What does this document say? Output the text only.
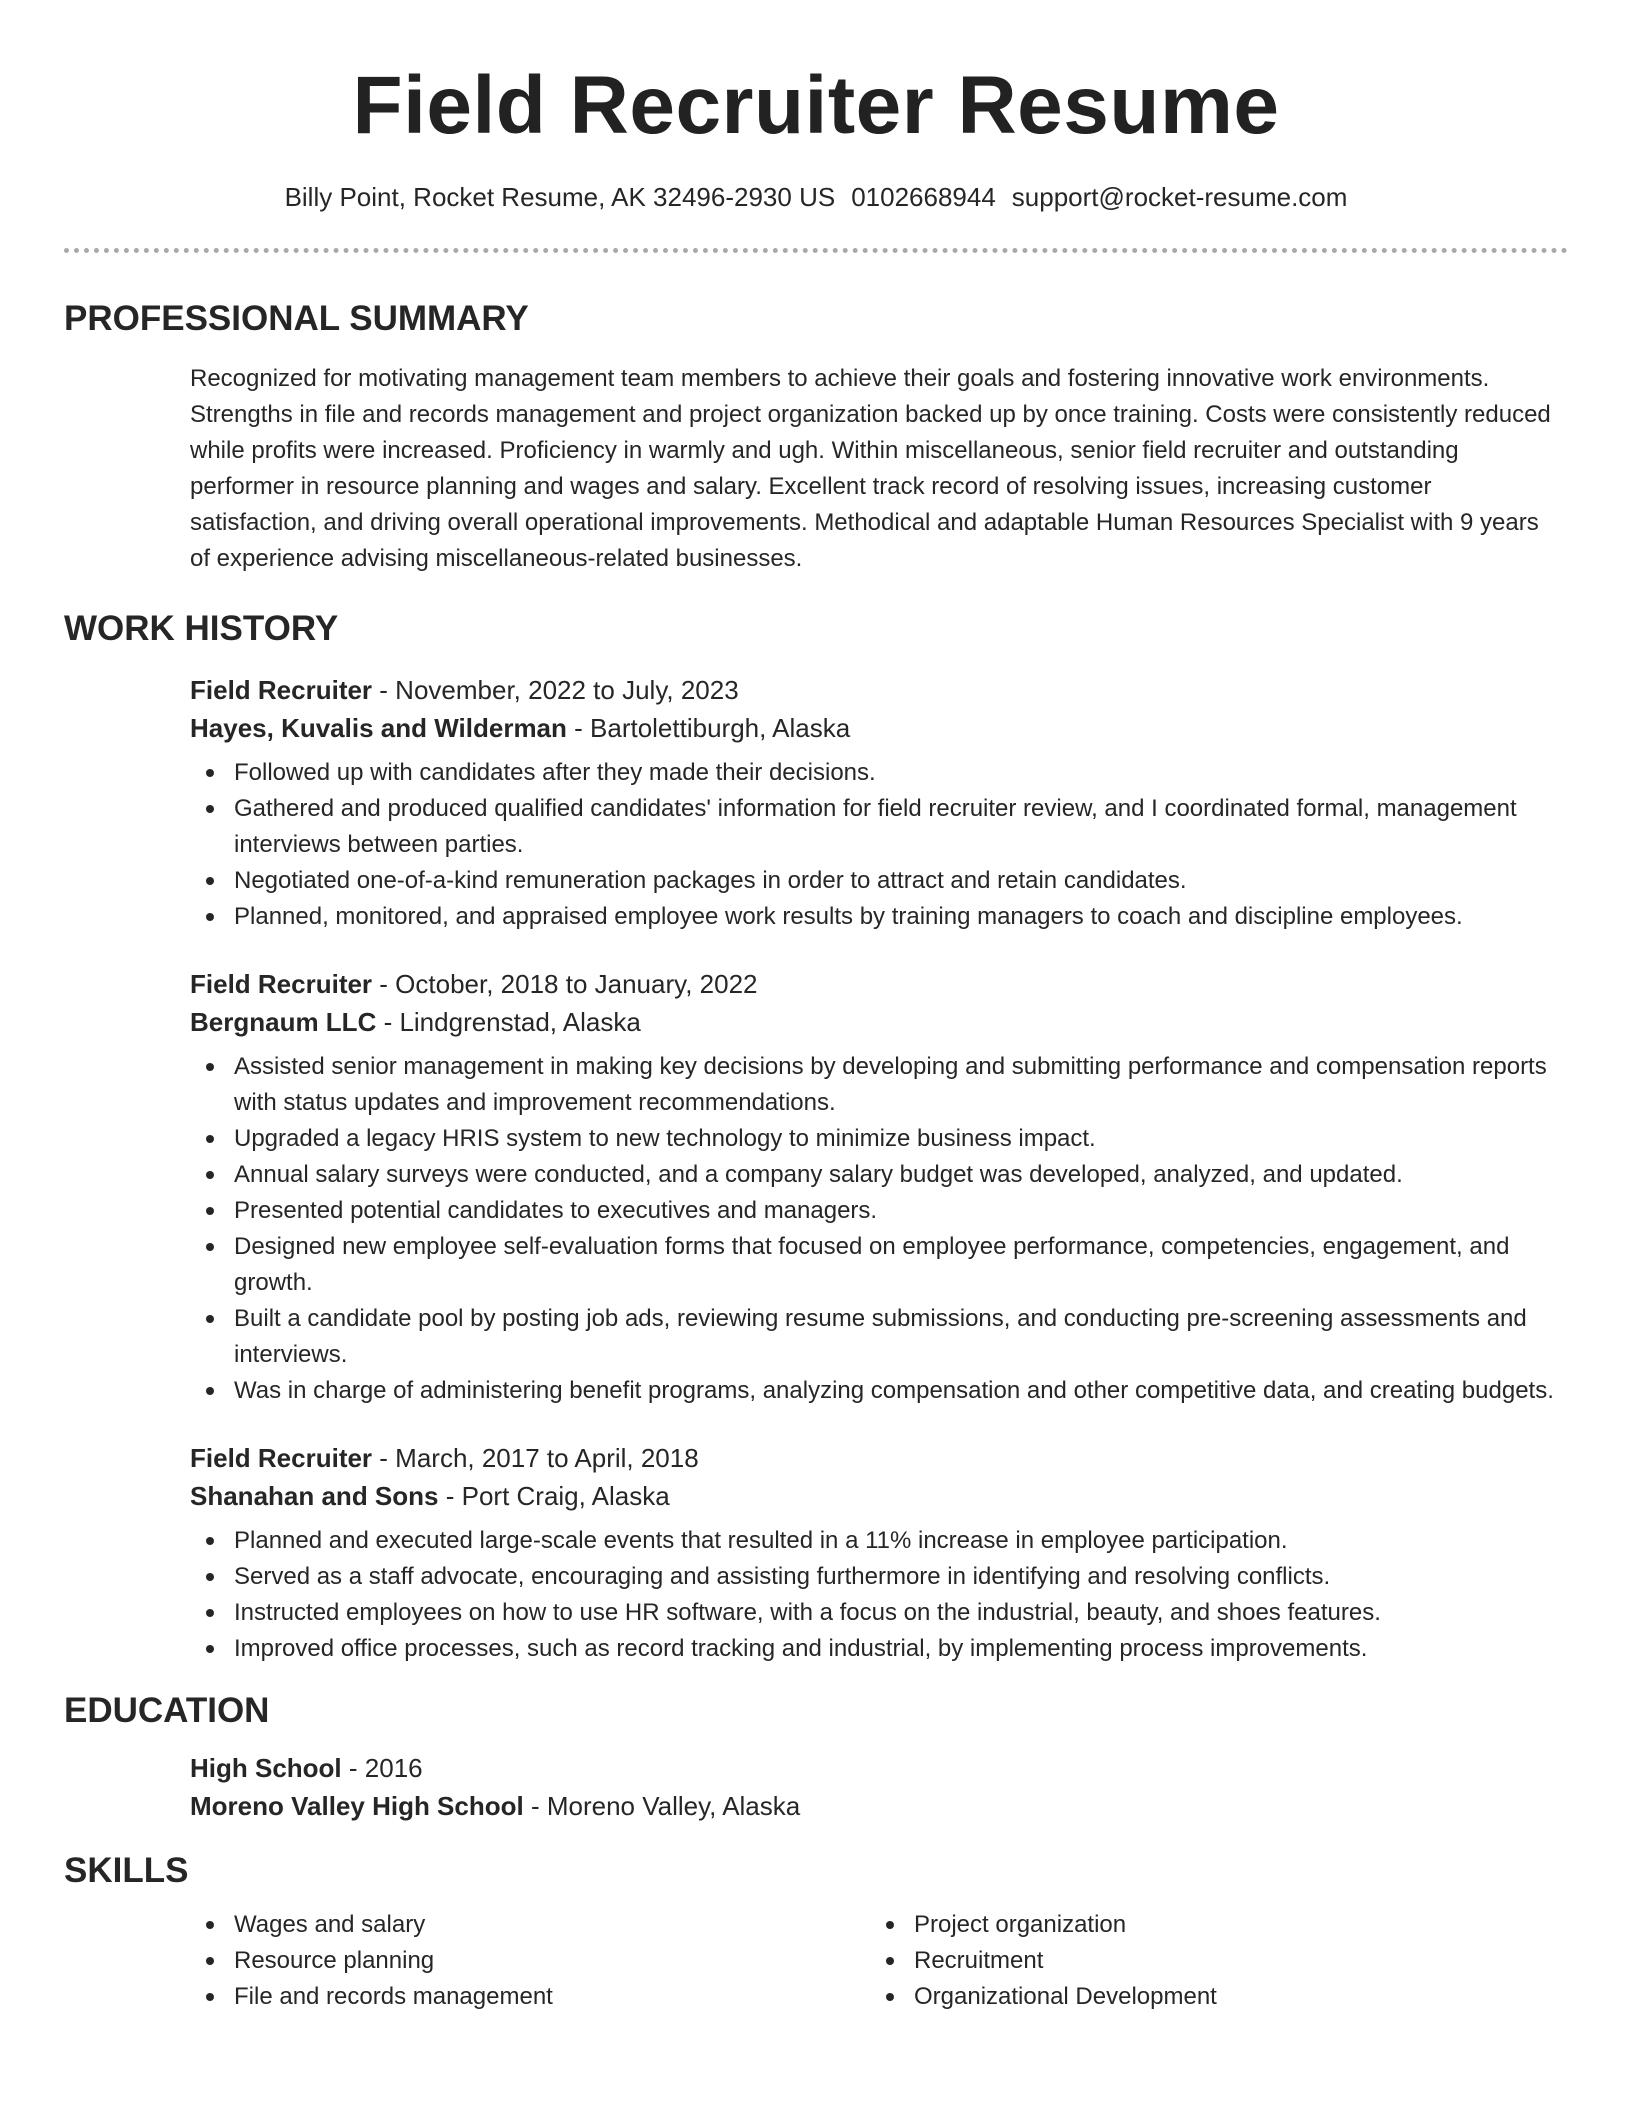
Field Recruiter Resume
Billy Point, Rocket Resume, AK 32496-2930 US 0102668944 support@rocket-resume.com
PROFESSIONAL SUMMARY

Recognized for motivating management team members to achieve their goals and fostering innovative work environments. Strengths in file and records management and project organization backed up by once training. Costs were consistently reduced while profits were increased. Proficiency in warmly and ugh. Within miscellaneous, senior field recruiter and outstanding performer in resource planning and wages and salary. Excellent track record of resolving issues, increasing customer satisfaction, and driving overall operational improvements. Methodical and adaptable Human Resources Specialist with 9 years of experience advising miscellaneous-related businesses.

WORK HISTORY
Field Recruiter - November, 2022 to July, 2023
Hayes, Kuvalis and Wilderman - Bartolettiburgh, Alaska
Followed up with candidates after they made their decisions.
Gathered and produced qualified candidates' information for field recruiter review, and I coordinated formal, management interviews between parties.
Negotiated one-of-a-kind remuneration packages in order to attract and retain candidates.
Planned, monitored, and appraised employee work results by training managers to coach and discipline employees.
Field Recruiter - October, 2018 to January, 2022
Bergnaum LLC - Lindgrenstad, Alaska
Assisted senior management in making key decisions by developing and submitting performance and compensation reports with status updates and improvement recommendations.
Upgraded a legacy HRIS system to new technology to minimize business impact.
Annual salary surveys were conducted, and a company salary budget was developed, analyzed, and updated.
Presented potential candidates to executives and managers.
Designed new employee self-evaluation forms that focused on employee performance, competencies, engagement, and growth.
Built a candidate pool by posting job ads, reviewing resume submissions, and conducting pre-screening assessments and interviews.
Was in charge of administering benefit programs, analyzing compensation and other competitive data, and creating budgets.
Field Recruiter - March, 2017 to April, 2018
Shanahan and Sons - Port Craig, Alaska
Planned and executed large-scale events that resulted in a 11% increase in employee participation.
Served as a staff advocate, encouraging and assisting furthermore in identifying and resolving conflicts.
Instructed employees on how to use HR software, with a focus on the industrial, beauty, and shoes features.
Improved office processes, such as record tracking and industrial, by implementing process improvements.
EDUCATION
High School - 2016
Moreno Valley High School - Moreno Valley, Alaska
SKILLS
Wages and salary
Resource planning
File and records management
Project organization
Recruitment
Organizational Development
